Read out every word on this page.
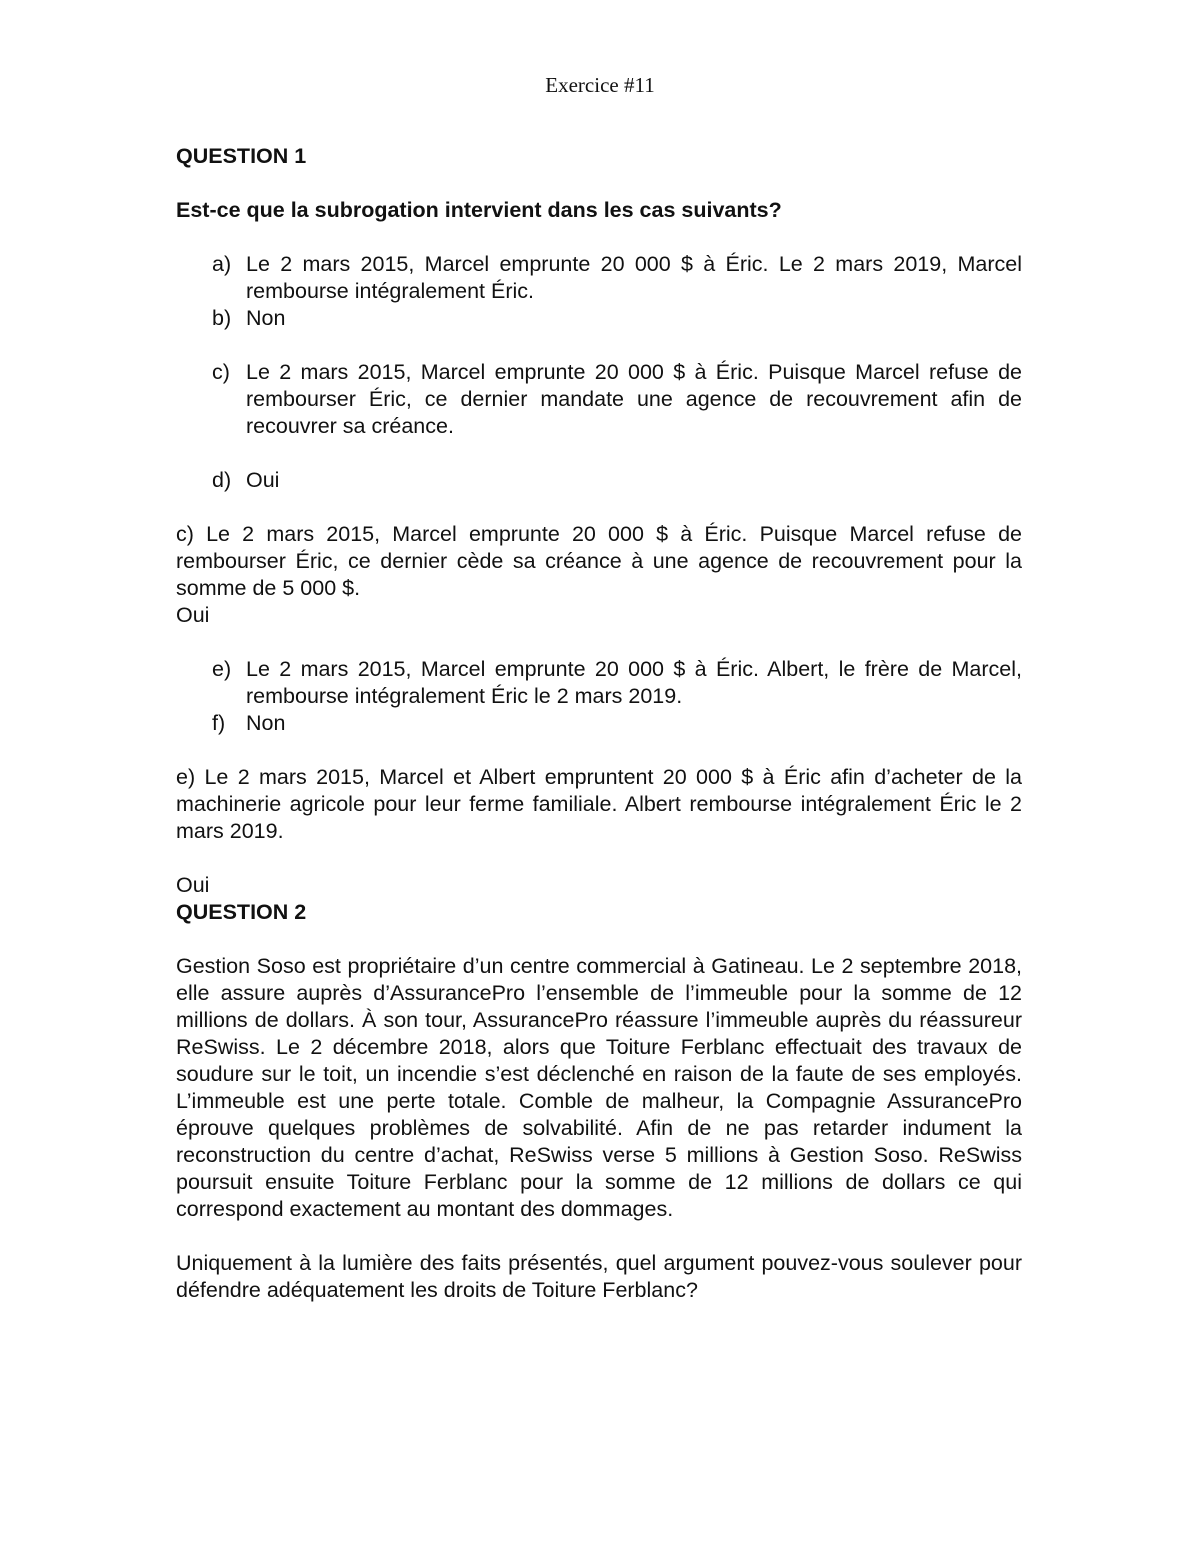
Exercice #11

QUESTION 1

Est-ce que la subrogation intervient dans les cas suivants?

a) Le 2 mars 2015, Marcel emprunte 20 000 $ à Éric. Le 2 mars 2019, Marcel rembourse intégralement Éric.
b) Non

c) Le 2 mars 2015, Marcel emprunte 20 000 $ à Éric. Puisque Marcel refuse de rembourser Éric, ce dernier mandate une agence de recouvrement afin de recouvrer sa créance.

d) Oui

c) Le 2 mars 2015, Marcel emprunte 20 000 $ à Éric. Puisque Marcel refuse de rembourser Éric, ce dernier cède sa créance à une agence de recouvrement pour la somme de 5 000 $.

Oui

e) Le 2 mars 2015, Marcel emprunte 20 000 $ à Éric. Albert, le frère de Marcel, rembourse intégralement Éric le 2 mars 2019.
f) Non

e) Le 2 mars 2015, Marcel et Albert empruntent 20 000 $ à Éric afin d’acheter de la machinerie agricole pour leur ferme familiale. Albert rembourse intégralement Éric le 2 mars 2019.

Oui

QUESTION 2

Gestion Soso est propriétaire d’un centre commercial à Gatineau. Le 2 septembre 2018, elle assure auprès d’AssurancePro l’ensemble de l’immeuble pour la somme de 12 millions de dollars. À son tour, AssurancePro réassure l’immeuble auprès du réassureur ReSwiss. Le 2 décembre 2018, alors que Toiture Ferblanc effectuait des travaux de soudure sur le toit, un incendie s’est déclenché en raison de la faute de ses employés. L’immeuble est une perte totale. Comble de malheur, la Compagnie AssurancePro éprouve quelques problèmes de solvabilité. Afin de ne pas retarder indument la reconstruction du centre d’achat, ReSwiss verse 5 millions à Gestion Soso. ReSwiss poursuit ensuite Toiture Ferblanc pour la somme de 12 millions de dollars ce qui correspond exactement au montant des dommages.

Uniquement à la lumière des faits présentés, quel argument pouvez-vous soulever pour défendre adéquatement les droits de Toiture Ferblanc?
